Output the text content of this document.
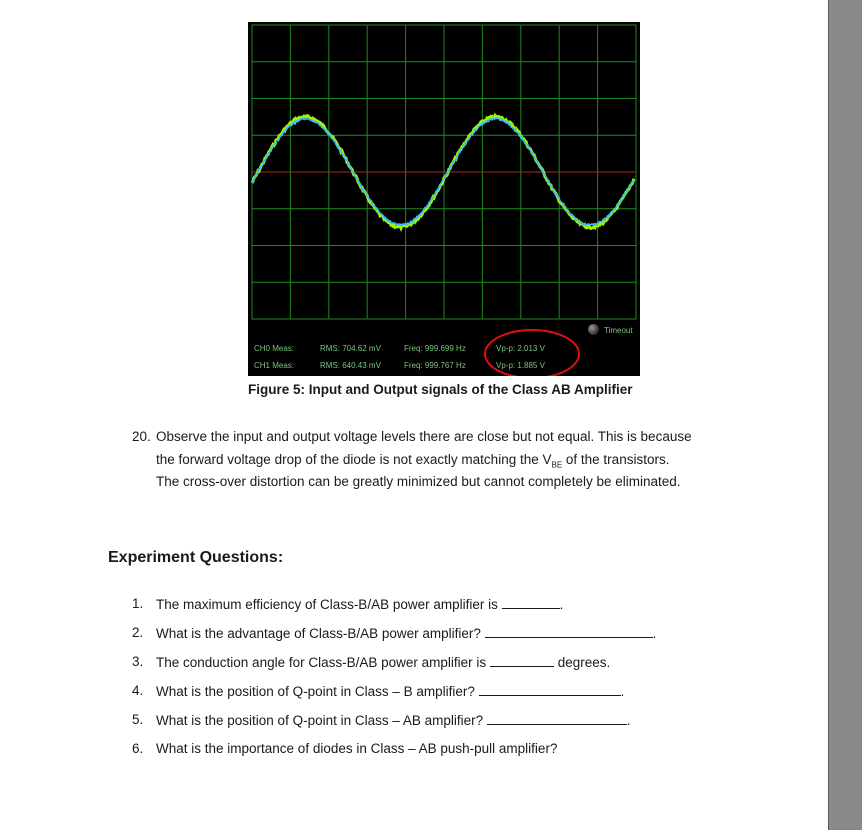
Timeout
CH0 Meas:	RMS: 704.62 mV	Freq: 999.699 Hz	Vp-p: 2.013 V
CH1 Meas:	RMS: 640.43 mV	Freq: 999.767 Hz	Vp-p: 1.885 V
Figure 5: Input and Output signals of the Class AB Amplifier
20. Observe the input and output voltage levels there are close but not equal. This is because
the forward voltage drop of the diode is not exactly matching the $V_{BE}$ of the transistors.
The cross-over distortion can be greatly minimized but cannot completely be eliminated.
Experiment Questions:
1. The maximum efficiency of Class-B/AB power amplifier is	.
2. What is the advantage of Class-B/AB power amplifier?	.
3. The conduction angle for Class-B/AB power amplifier is	degrees.
4. What is the position of Q-point in Class – B amplifier?	.
5. What is the position of Q-point in Class – AB amplifier?	.
6. What is the importance of diodes in Class – AB push-pull amplifier?
